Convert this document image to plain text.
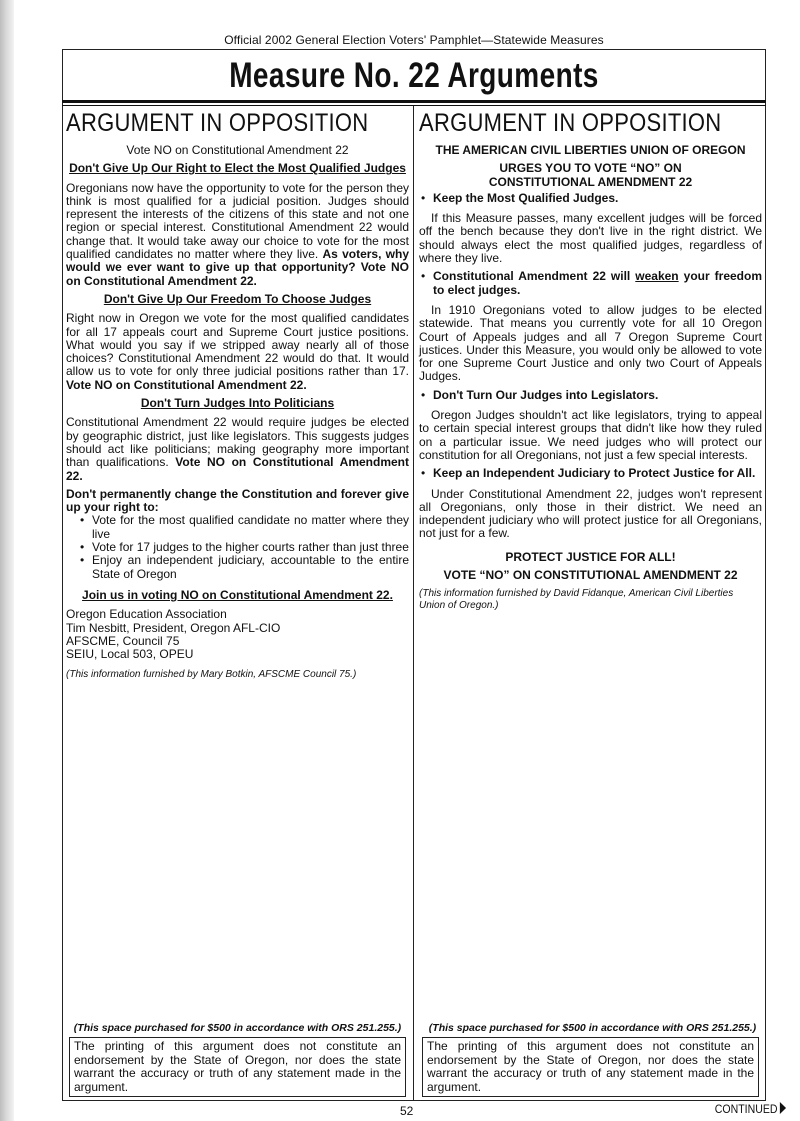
Official 2002 General Election Voters' Pamphlet—Statewide Measures
Measure No. 22 Arguments
ARGUMENT IN OPPOSITION

Vote NO on Constitutional Amendment 22

Don't Give Up Our Right to Elect the Most Qualified Judges

Oregonians now have the opportunity to vote for the person they think is most qualified for a judicial position. Judges should represent the interests of the citizens of this state and not one region or special interest. Constitutional Amendment 22 would change that. It would take away our choice to vote for the most qualified candidates no matter where they live. As voters, why would we ever want to give up that opportunity? Vote NO on Constitutional Amendment 22.

Don't Give Up Our Freedom To Choose Judges

Right now in Oregon we vote for the most qualified candidates for all 17 appeals court and Supreme Court justice positions. What would you say if we stripped away nearly all of those choices? Constitutional Amendment 22 would do that. It would allow us to vote for only three judicial positions rather than 17. Vote NO on Constitutional Amendment 22.

Don't Turn Judges Into Politicians

Constitutional Amendment 22 would require judges be elected by geographic district, just like legislators. This suggests judges should act like politicians; making geography more important than qualifications. Vote NO on Constitutional Amendment 22.

Don't permanently change the Constitution and forever give up your right to:

• Vote for the most qualified candidate no matter where they live
• Vote for 17 judges to the higher courts rather than just three
• Enjoy an independent judiciary, accountable to the entire State of Oregon

Join us in voting NO on Constitutional Amendment 22.

Oregon Education Association
Tim Nesbitt, President, Oregon AFL-CIO
AFSCME, Council 75
SEIU, Local 503, OPEU
(This information furnished by Mary Botkin, AFSCME Council 75.)
ARGUMENT IN OPPOSITION

THE AMERICAN CIVIL LIBERTIES UNION OF OREGON

URGES YOU TO VOTE “NO” ON
CONSTITUTIONAL AMENDMENT 22

• Keep the Most Qualified Judges.

If this Measure passes, many excellent judges will be forced off the bench because they don't live in the right district. We should always elect the most qualified judges, regardless of where they live.

• Constitutional Amendment 22 will weaken your freedom to elect judges.

In 1910 Oregonians voted to allow judges to be elected statewide. That means you currently vote for all 10 Oregon Court of Appeals judges and all 7 Oregon Supreme Court justices. Under this Measure, you would only be allowed to vote for one Supreme Court Justice and only two Court of Appeals Judges.

• Don't Turn Our Judges into Legislators.

Oregon Judges shouldn't act like legislators, trying to appeal to certain special interest groups that didn't like how they ruled on a particular issue. We need judges who will protect our constitution for all Oregonians, not just a few special interests.

• Keep an Independent Judiciary to Protect Justice for All.

Under Constitutional Amendment 22, judges won't represent all Oregonians, only those in their district. We need an independent judiciary who will protect justice for all Oregonians, not just for a few.

PROTECT JUSTICE FOR ALL!

VOTE “NO” ON CONSTITUTIONAL AMENDMENT 22

(This information furnished by David Fidanque, American Civil Liberties Union of Oregon.)
(This space purchased for $500 in accordance with ORS 251.255.)
The printing of this argument does not constitute an endorsement by the State of Oregon, nor does the state warrant the accuracy or truth of any statement made in the argument.
(This space purchased for $500 in accordance with ORS 251.255.)
The printing of this argument does not constitute an endorsement by the State of Oregon, nor does the state warrant the accuracy or truth of any statement made in the argument.
52	CONTINUED
